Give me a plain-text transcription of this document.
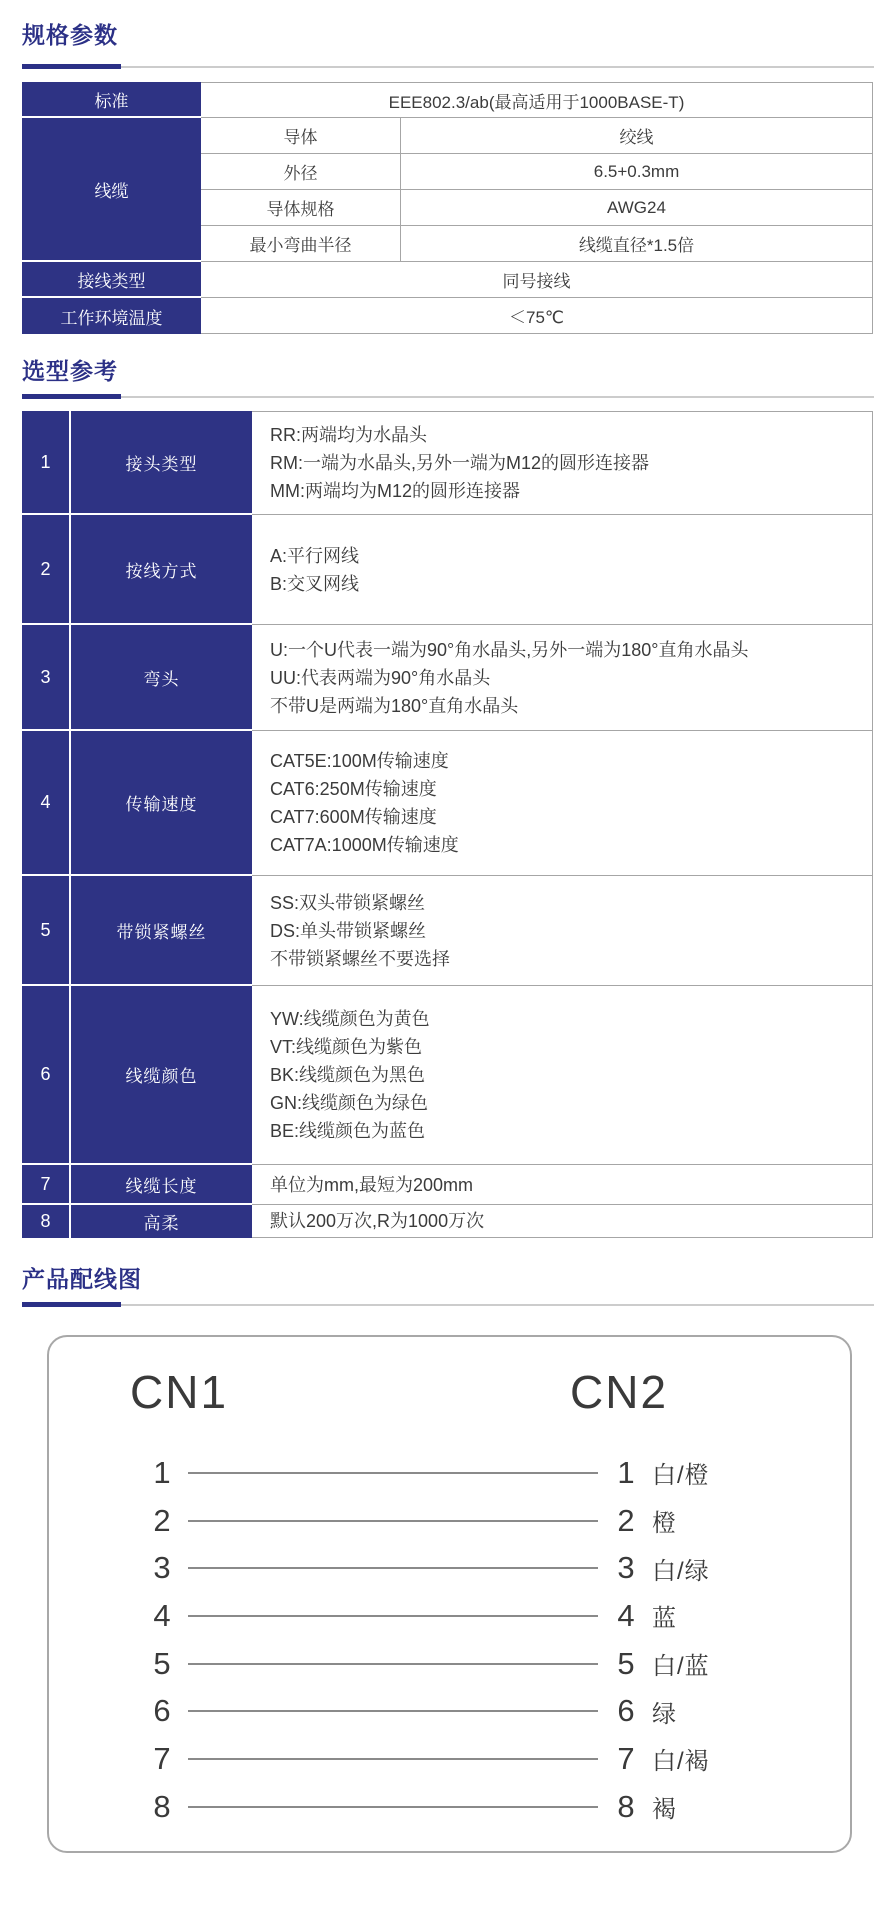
规格参数
标准	EEE802.3/ab(最高适用于1000BASE-T)
线缆
导体	绞线
外径	6.5+0.3mm
导体规格	AWG24
最小弯曲半径	线缆直径*1.5倍
接线类型	同号接线
工作环境温度	＜75℃
选型参考
1	接头类型
RR:两端均为水晶头
RM:一端为水晶头,另外一端为M12的圆形连接器
MM:两端均为M12的圆形连接器
2	按线方式
A:平行网线
B:交叉网线
3	弯头
U:一个U代表一端为90°角水晶头,另外一端为180°直角水晶头
UU:代表两端为90°角水晶头
不带U是两端为180°直角水晶头
4	传输速度
CAT5E:100M传输速度
CAT6:250M传输速度
CAT7:600M传输速度
CAT7A:1000M传输速度
5	带锁紧螺丝
SS:双头带锁紧螺丝
DS:单头带锁紧螺丝
不带锁紧螺丝不要选择
6	线缆颜色
YW:线缆颜色为黄色
VT:线缆颜色为紫色
BK:线缆颜色为黑色
GN:线缆颜色为绿色
BE:线缆颜色为蓝色
7	线缆长度	单位为mm,最短为200mm
8	高柔	默认200万次,R为1000万次
产品配线图
CN1	CN2
1	1 白/橙
2	2 橙
3	3 白/绿
4	4 蓝
5	5 白/蓝
6	6 绿
7	7 白/褐
8	8 褐
